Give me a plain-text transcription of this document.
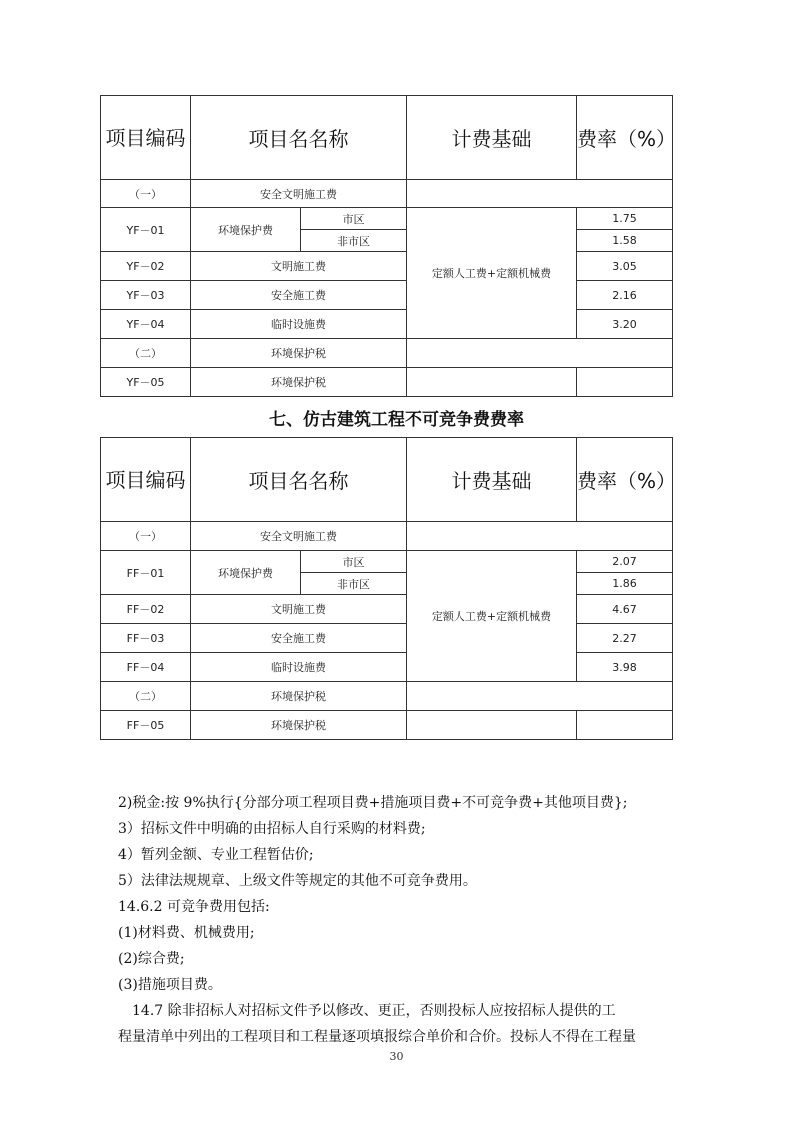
项目编码	项目名名称		计费基础	费率（%）
（一）	安全文明施工费			
YF－01	环境保护费	市区	定额人工费+定额机械费	1.75
		非市区		1.58
YF－02	文明施工费			3.05
YF－03	安全施工费			2.16
YF－04	临时设施费			3.20
（二）	环境保护税			
YF－05	环境保护税			
七、仿古建筑工程不可竞争费费率
项目编码	项目名名称		计费基础	费率（%）
（一）	安全文明施工费			
FF－01	环境保护费	市区	定额人工费+定额机械费	2.07
		非市区		1.86
FF－02	文明施工费			4.67
FF－03	安全施工费			2.27
FF－04	临时设施费			3.98
（二）	环境保护税			
FF－05	环境保护税			

2)税金:按 9%执行{分部分项工程项目费+措施项目费+不可竞争费+其他项目费};

3）招标文件中明确的由招标人自行采购的材料费;

4）暂列金额、专业工程暂估价;

5）法律法规规章、上级文件等规定的其他不可竞争费用。

14.6.2 可竞争费用包括:

(1)材料费、机械费用;

(2)综合费;

(3)措施项目费。

14.7 除非招标人对招标文件予以修改、更正，否则投标人应按招标人提供的工

程量清单中列出的工程项目和工程量逐项填报综合单价和合价。投标人不得在工程量

30
